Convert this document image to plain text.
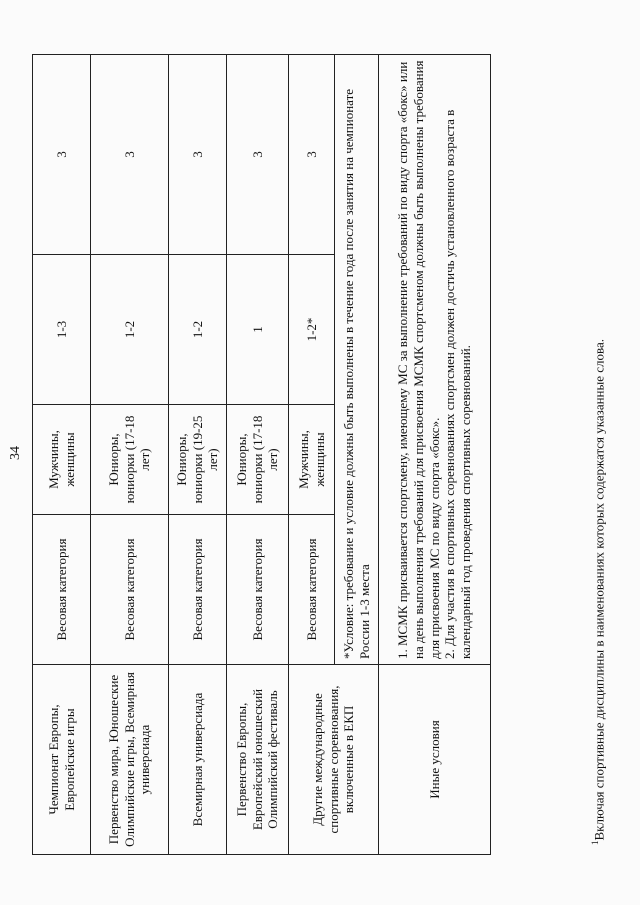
34
Чемпионат Европы, Европейские игры	Весовая категория	Мужчины, женщины	1-3	3
Первенство мира, Юношеские Олимпийские игры, Всемирная универсиада	Весовая категория	Юниоры, юниорки (17-18 лет)	1-2	3
Всемирная универсиада	Весовая категория	Юниоры, юниорки (19-25 лет)	1-2	3
Первенство Европы, Европейский юношеский Олимпийский фестиваль	Весовая категория	Юниоры, юниорки (17-18 лет)	1	3
Другие международные спортивные соревнования, включенные в ЕКП	Весовая категория	Мужчины, женщины	1-2*	3
	*Условие: требование и условие должны быть выполнены в течение года после занятия на чемпионате России 1-3 места			
Иные условия	1. МСМК присваивается спортсмену, имеющему МС за выполнение требований по виду спорта «бокс» или на день выполнения требований для присвоения МСМК спортсменом должны быть выполнены требования для присвоения МС по виду спорта «бокс». 2. Для участия в спортивных соревнованиях спортсмен должен достичь установленного возраста в календарный год проведения спортивных соревнований.			
$^1$Включая спортивные дисциплины в наименованиях которых содержатся указанные слова.
